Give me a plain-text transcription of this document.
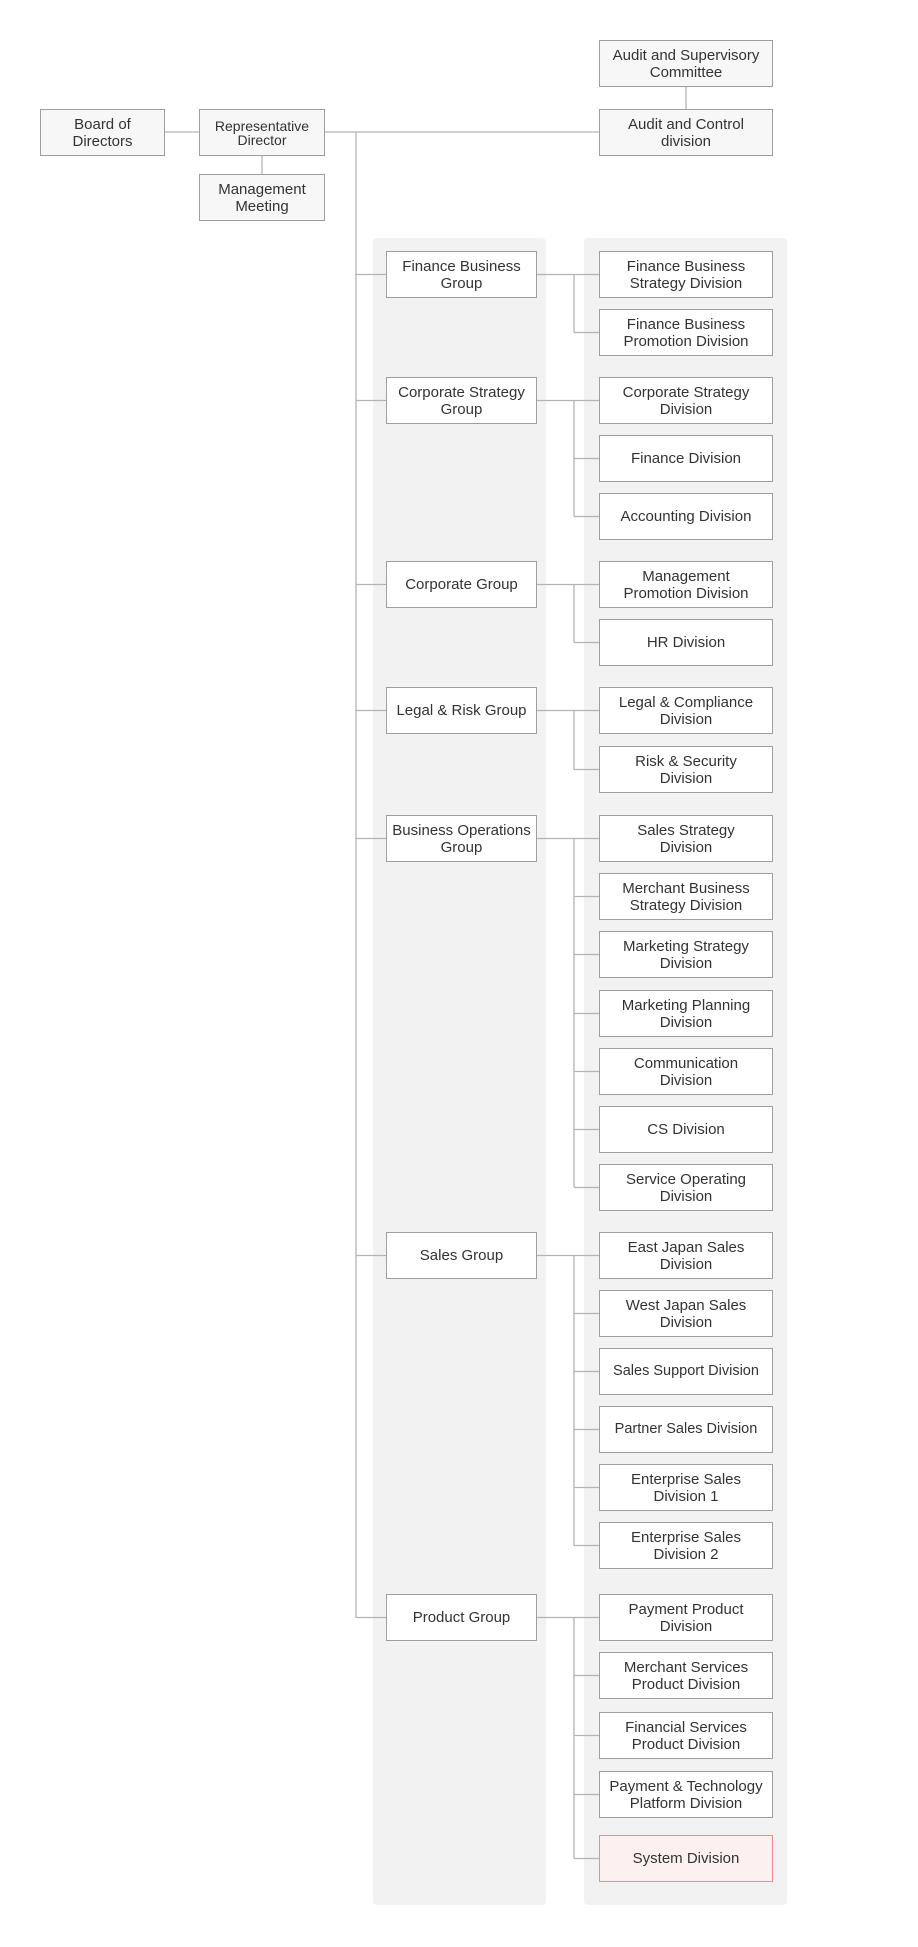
Board of
Directors
Representative
Director
Management
Meeting
Audit and Supervisory
Committee
Audit and Control
division
Finance Business
Group
Finance Business
Strategy Division
Finance Business
Promotion Division
Corporate Strategy
Group
Corporate Strategy
Division
Finance Division
Accounting Division
Corporate Group	Management
Promotion Division
HR Division
Legal & Risk Group	Legal & Compliance
Division
Risk & Security
Division
Business Operations
Group
Sales Strategy
Division
Merchant Business
Strategy Division
Marketing Strategy
Division
Marketing Planning
Division
Communication
Division
CS Division
Service Operating
Division
Sales Group	East Japan Sales
Division
West Japan Sales
Division
Sales Support Division
Partner Sales Division
Enterprise Sales
Division 1
Enterprise Sales
Division 2
Product Group	Payment Product
Division
Merchant Services
Product Division
Financial Services
Product Division
Payment & Technology
Platform Division
System Division
